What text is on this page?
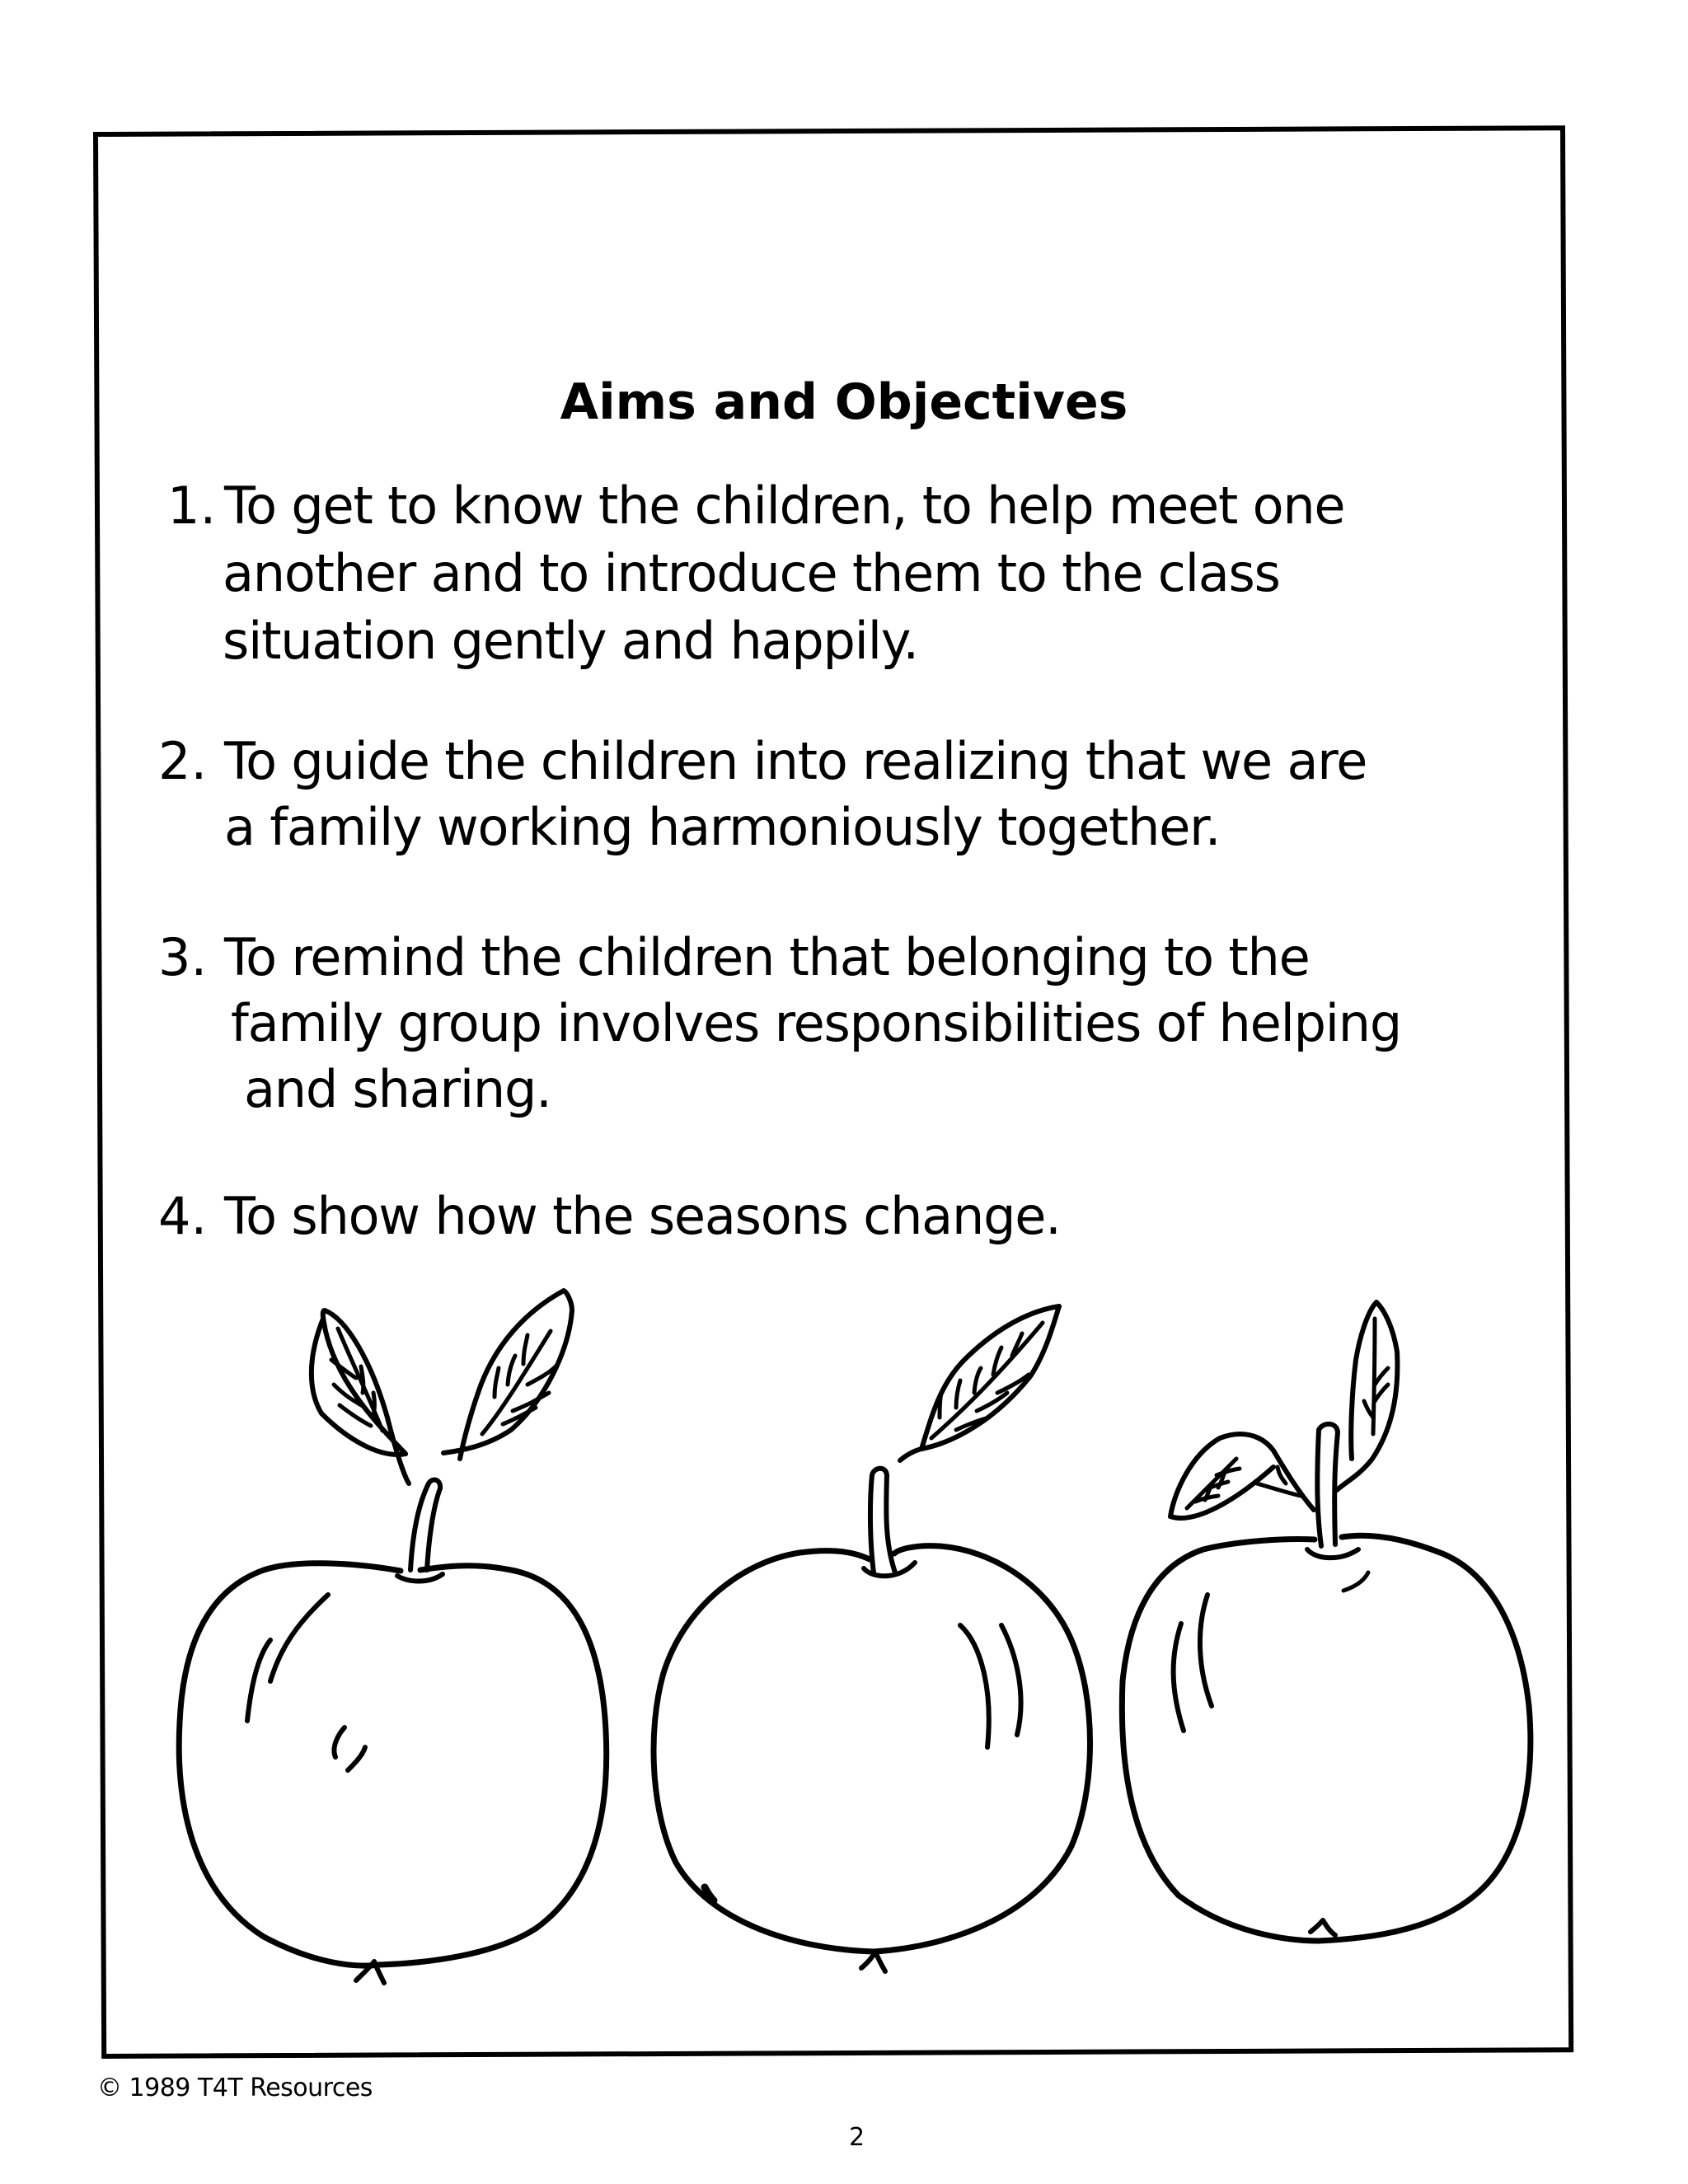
Aims and Objectives
1. To get to know the children, to help meet one
another and to introduce them to the class
situation gently and happily.
2. To guide the children into realizing that we are
a family working harmoniously together.
3. To remind the children that belonging to the
family group involves responsibilities of helping
and sharing.
4. To show how the seasons change.
© 1989 T4T Resources
2
